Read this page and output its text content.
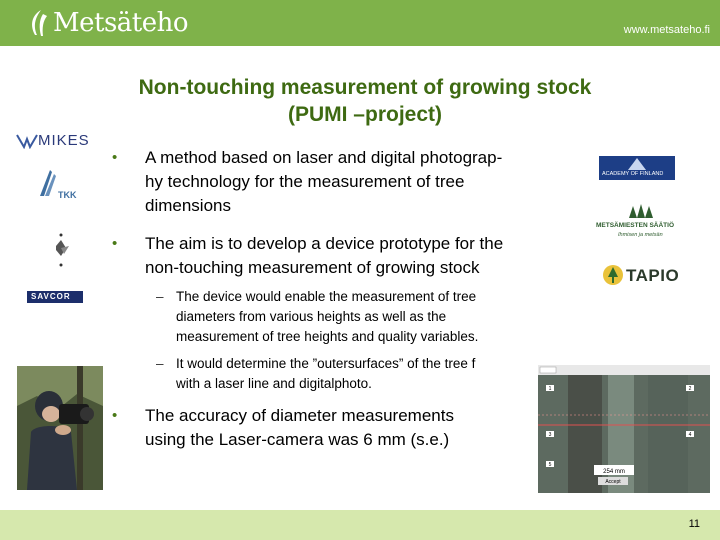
Metsäteho	www.metsateho.fi
Non-touching measurement of growing stock
(PUMI –project)
MIKES
TKK
SAVCOR
ACADEMY OF FINLAND
METSÄMIESTEN SÄÄTIÖ
Ihmisen ja metsän
TAPIO
• A method based on laser and digital photograp-
hy technology for the measurement of tree
dimensions
• The aim is to develop a device prototype for the
non-touching measurement of growing stock
– The device would enable the measurement of tree
diameters from various heights as well as the
measurement of tree heights and quality variables.
– It would determine the ”outersurfaces” of the tree f
with a laser line and digitalphoto.
• The accuracy of diameter measurements
using the Laser-camera was 6 mm (s.e.)
254 mm
Accept
1	2
3	4
5
11
